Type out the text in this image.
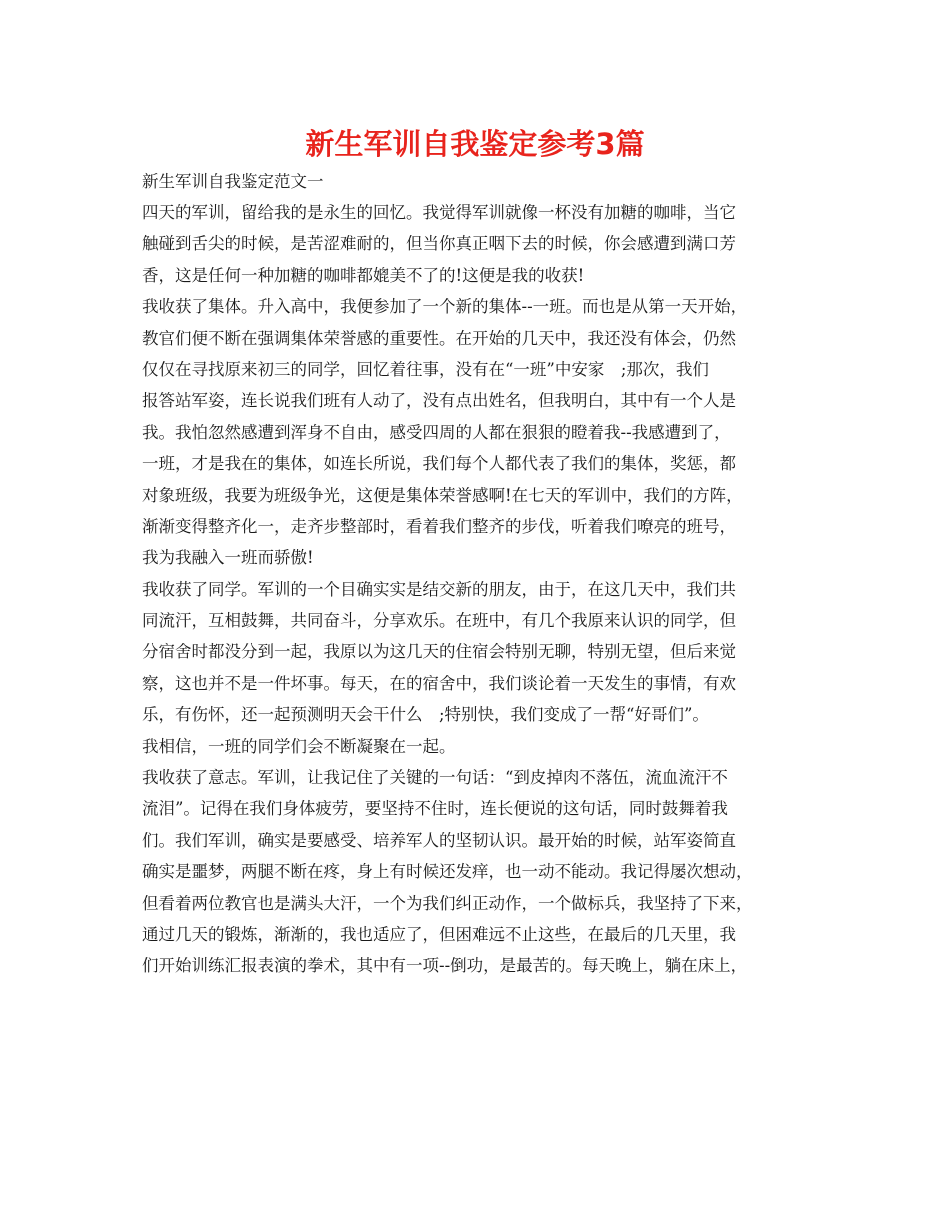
新生军训自我鉴定参考3篇
新生军训自我鉴定范文一
四天的军训，留给我的是永生的回忆。我觉得军训就像一杯没有加糖的咖啡，当它
触碰到舌尖的时候，是苦涩难耐的，但当你真正咽下去的时候，你会感遭到满口芳
香，这是任何一种加糖的咖啡都媲美不了的!这便是我的收获!
我收获了集体。升入高中，我便参加了一个新的集体--一班。而也是从第一天开始，
教官们便不断在强调集体荣誉感的重要性。在开始的几天中，我还没有体会，仍然
仅仅在寻找原来初三的同学，回忆着往事，没有在“一班”中安家　;那次，我们
报答站军姿，连长说我们班有人动了，没有点出姓名，但我明白，其中有一个人是
我。我怕忽然感遭到浑身不自由，感受四周的人都在狠狠的瞪着我--我感遭到了，
一班，才是我在的集体，如连长所说，我们每个人都代表了我们的集体，奖惩，都
对象班级，我要为班级争光，这便是集体荣誉感啊!在七天的军训中，我们的方阵，
渐渐变得整齐化一，走齐步整部时，看着我们整齐的步伐，听着我们嘹亮的班号，
我为我融入一班而骄傲!
我收获了同学。军训的一个目确实实是结交新的朋友，由于，在这几天中，我们共
同流汗，互相鼓舞，共同奋斗，分享欢乐。在班中，有几个我原来认识的同学，但
分宿舍时都没分到一起，我原以为这几天的住宿会特别无聊，特别无望，但后来觉
察，这也并不是一件坏事。每天，在的宿舍中，我们谈论着一天发生的事情，有欢
乐，有伤怀，还一起预测明天会干什么　;特别快，我们变成了一帮“好哥们”。
我相信，一班的同学们会不断凝聚在一起。
我收获了意志。军训，让我记住了关键的一句话：“到皮掉肉不落伍，流血流汗不
流泪”。记得在我们身体疲劳，要坚持不住时，连长便说的这句话，同时鼓舞着我
们。我们军训，确实是要感受、培养军人的坚韧认识。最开始的时候，站军姿简直
确实是噩梦，两腿不断在疼，身上有时候还发痒，也一动不能动。我记得屡次想动，
但看着两位教官也是满头大汗，一个为我们纠正动作，一个做标兵，我坚持了下来，
通过几天的锻炼，渐渐的，我也适应了，但困难远不止这些，在最后的几天里，我
们开始训练汇报表演的拳术，其中有一项--倒功，是最苦的。每天晚上，躺在床上，
